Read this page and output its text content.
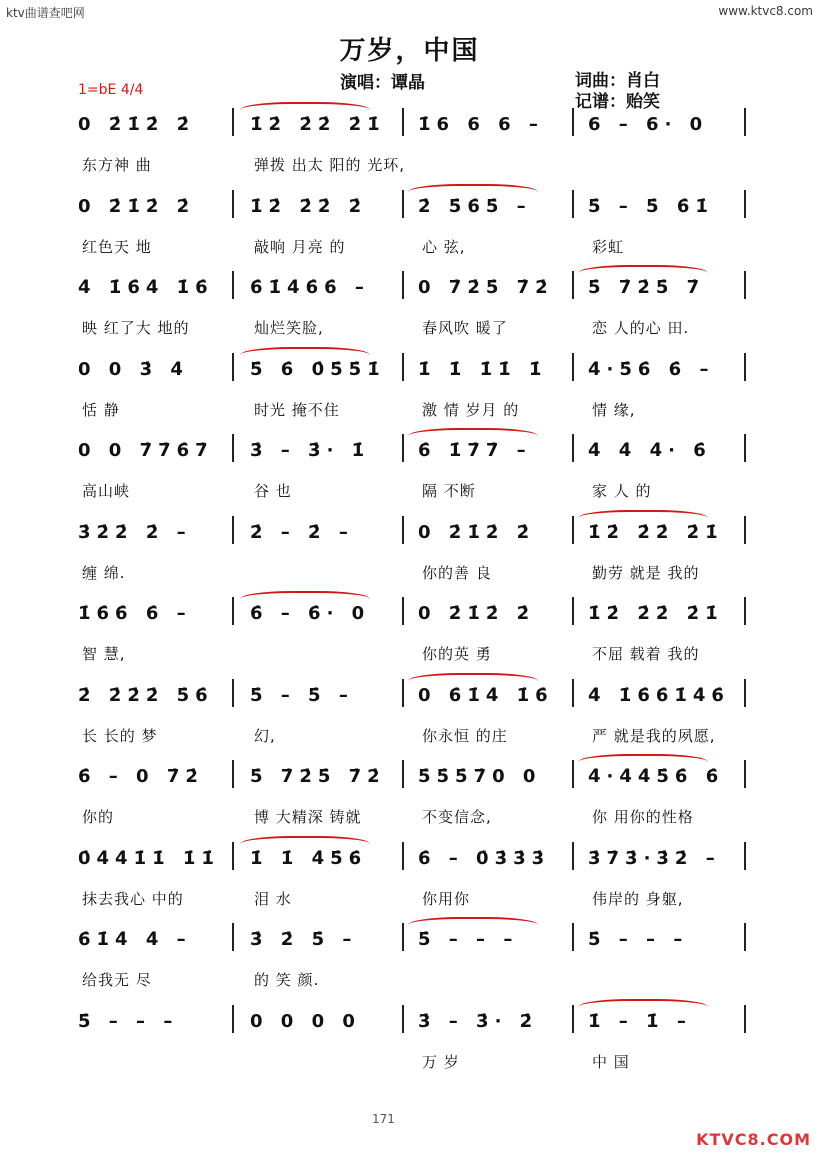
ktv曲谱查吧网	www.ktvc8.com
万岁，中国
演唱：谭晶	词曲：肖白
记谱：贻笑
1=bE 4/4
0 2̇1̇2̇ 2̇	1̇2̇ 2̇2̇ 2̇1̇	1̇6 6 6 –	6 – 6· 0
东方神 曲	弹拨 出太 阳的 光环,
0 2̇1̇2̇ 2̇	1̇2̇ 2̇2̇ 2̇	2̇ 5̇6̇5̇ –	5̇ – 5̇ 6̇1̇
红色天 地	敲响 月亮 的	心 弦,	彩虹
4̇ 1̇6̇4̇ 1̇6̇	6̇1̇4̇6̇6̇ –	0 7̇2̇5̇ 7̇2̇	5̇ 7̇2̇5̇ 7̇
映 红了大 地的	灿烂笑脸,	春风吹 暖了	恋 人的心 田.
0 0 3̇ 4̇	5̇ 6̇ 0̇5̇5̇1̇	1̇ 1̇ 1̇1̇ 1̇	4̇·5̇6̇ 6̇ –
恬 静	时光 掩不住	激 情 岁月 的	情 缘,
0 0 7̇7̇6̇7̇	3̇ – 3̇· 1̇	6̇ 1̇7̇7̇ –	4̇ 4̇ 4̇· 6̇
高山峡	谷 也	隔 不断	家 人 的
3̇2̇2̇ 2̇ –	2̇ – 2̇ –	0 2̇1̇2̇ 2̇	1̇2̇ 2̇2̇ 2̇1̇
缠 绵.	你的善 良	勤劳 就是 我的
1̇6̇6̇ 6̇ –	6̇ – 6̇· 0	0 2̇1̇2̇ 2̇	1̇2̇ 2̇2̇ 2̇1̇
智 慧,	你的英 勇	不屈 载着 我的
2̇ 2̇2̇2̇ 5̇6̇	5̇ – 5̇ –	0 6̇1̇4̇ 1̇6̇	4̇ 1̇6̇6̇1̇4̇6̇
长 长的 梦	幻,	你永恒 的庄	严 就是我的夙愿,
6̇ – 0 7̇2̇	5̇ 7̇2̇5̇ 7̇2̇	5̇5̇5̇7̇0 0	4̇·4̇4̇5̇6̇ 6̇
你的	博 大精深 铸就	不变信念,	你 用你的性格
0̇4̇4̇1̇1̇ 1̇1̇	1̇ 1̇ 4̇5̇6̇	6̇ – 0̇3̇3̇3̇	3̇7̇3̇·3̇2̇ –
抹去我心 中的	泪 水	你用你	伟岸的 身躯,
6̇1̇4̇ 4̇ –	3̇ 2̇ 5̇ –	5̇ – – –	5̇ – – –
给我无 尽	的 笑 颜.
5̇ – – –	0 0 0 0	3̇ – 3̇· 2̇	1̇ – 1̇ –
万 岁	中 国
171
KTVC8.COM
